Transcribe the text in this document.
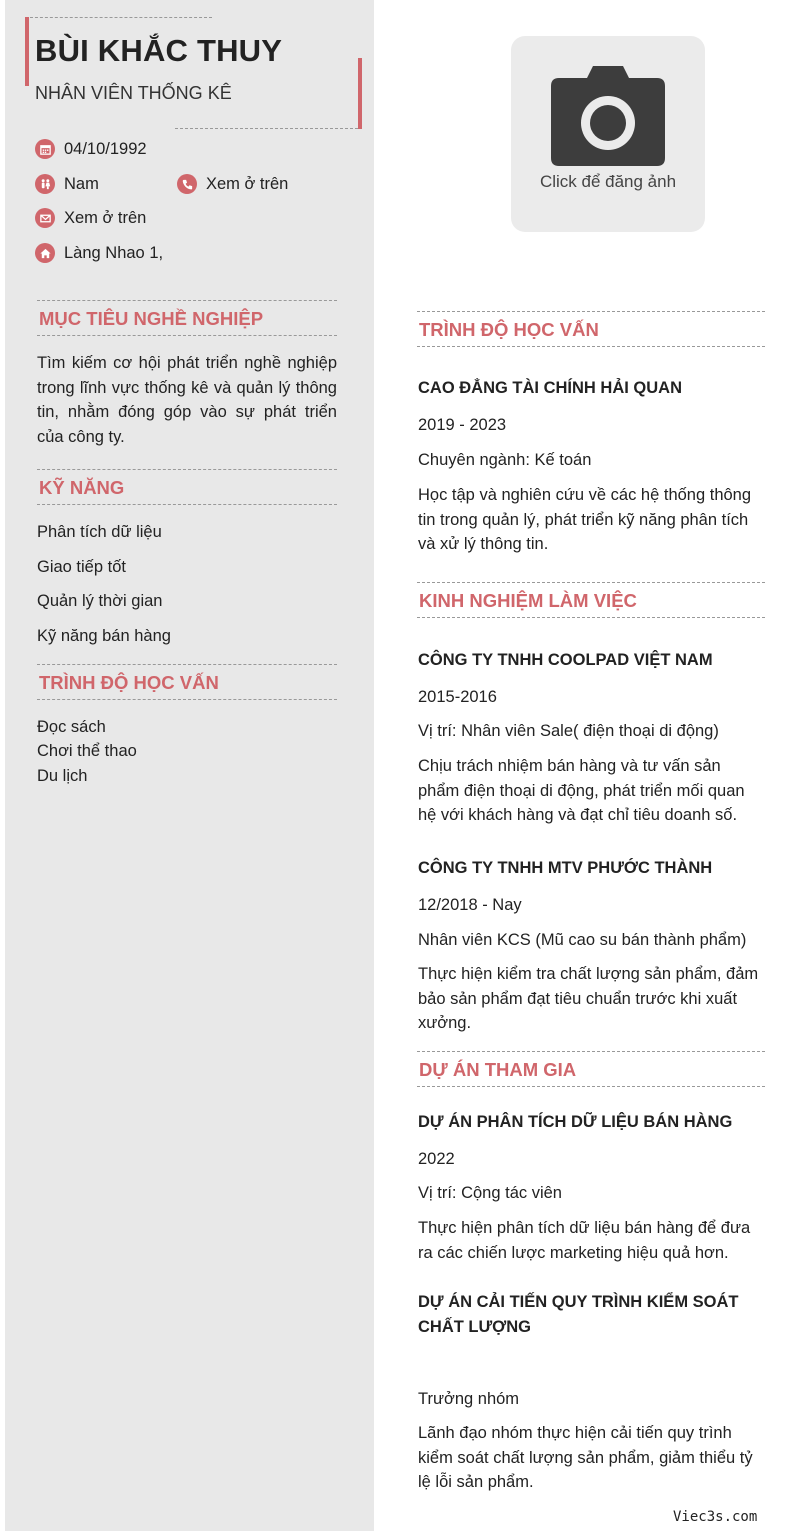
BÙI KHẮC THUY
NHÂN VIÊN THỐNG KÊ
04/10/1992
Nam	Xem ở trên
Xem ở trên
Làng Nhao 1,
MỤC TIÊU NGHỀ NGHIỆP
Tìm kiếm cơ hội phát triển nghề nghiệp trong lĩnh vực thống kê và quản lý thông tin, nhằm đóng góp vào sự phát triển của công ty.
KỸ NĂNG
Phân tích dữ liệu
Giao tiếp tốt
Quản lý thời gian
Kỹ năng bán hàng
TRÌNH ĐỘ HỌC VẤN
Đọc sách
Chơi thể thao
Du lịch
Click để đăng ảnh
TRÌNH ĐỘ HỌC VẤN
CAO ĐẲNG TÀI CHÍNH HẢI QUAN
2019 - 2023
Chuyên ngành: Kế toán
Học tập và nghiên cứu về các hệ thống thông tin trong quản lý, phát triển kỹ năng phân tích và xử lý thông tin.
KINH NGHIỆM LÀM VIỆC
CÔNG TY TNHH COOLPAD VIỆT NAM
2015-2016
Vị trí: Nhân viên Sale( điện thoại di động)
Chịu trách nhiệm bán hàng và tư vấn sản phẩm điện thoại di động, phát triển mối quan hệ với khách hàng và đạt chỉ tiêu doanh số.
CÔNG TY TNHH MTV PHƯỚC THÀNH
12/2018 - Nay
Nhân viên KCS (Mũ cao su bán thành phẩm)
Thực hiện kiểm tra chất lượng sản phẩm, đảm bảo sản phẩm đạt tiêu chuẩn trước khi xuất xưởng.
DỰ ÁN THAM GIA
DỰ ÁN PHÂN TÍCH DỮ LIỆU BÁN HÀNG
2022
Vị trí: Cộng tác viên
Thực hiện phân tích dữ liệu bán hàng để đưa ra các chiến lược marketing hiệu quả hơn.
DỰ ÁN CẢI TIẾN QUY TRÌNH KIỂM SOÁT CHẤT LƯỢNG
Trưởng nhóm
Lãnh đạo nhóm thực hiện cải tiến quy trình kiểm soát chất lượng sản phẩm, giảm thiểu tỷ lệ lỗi sản phẩm.
Viec3s.com
